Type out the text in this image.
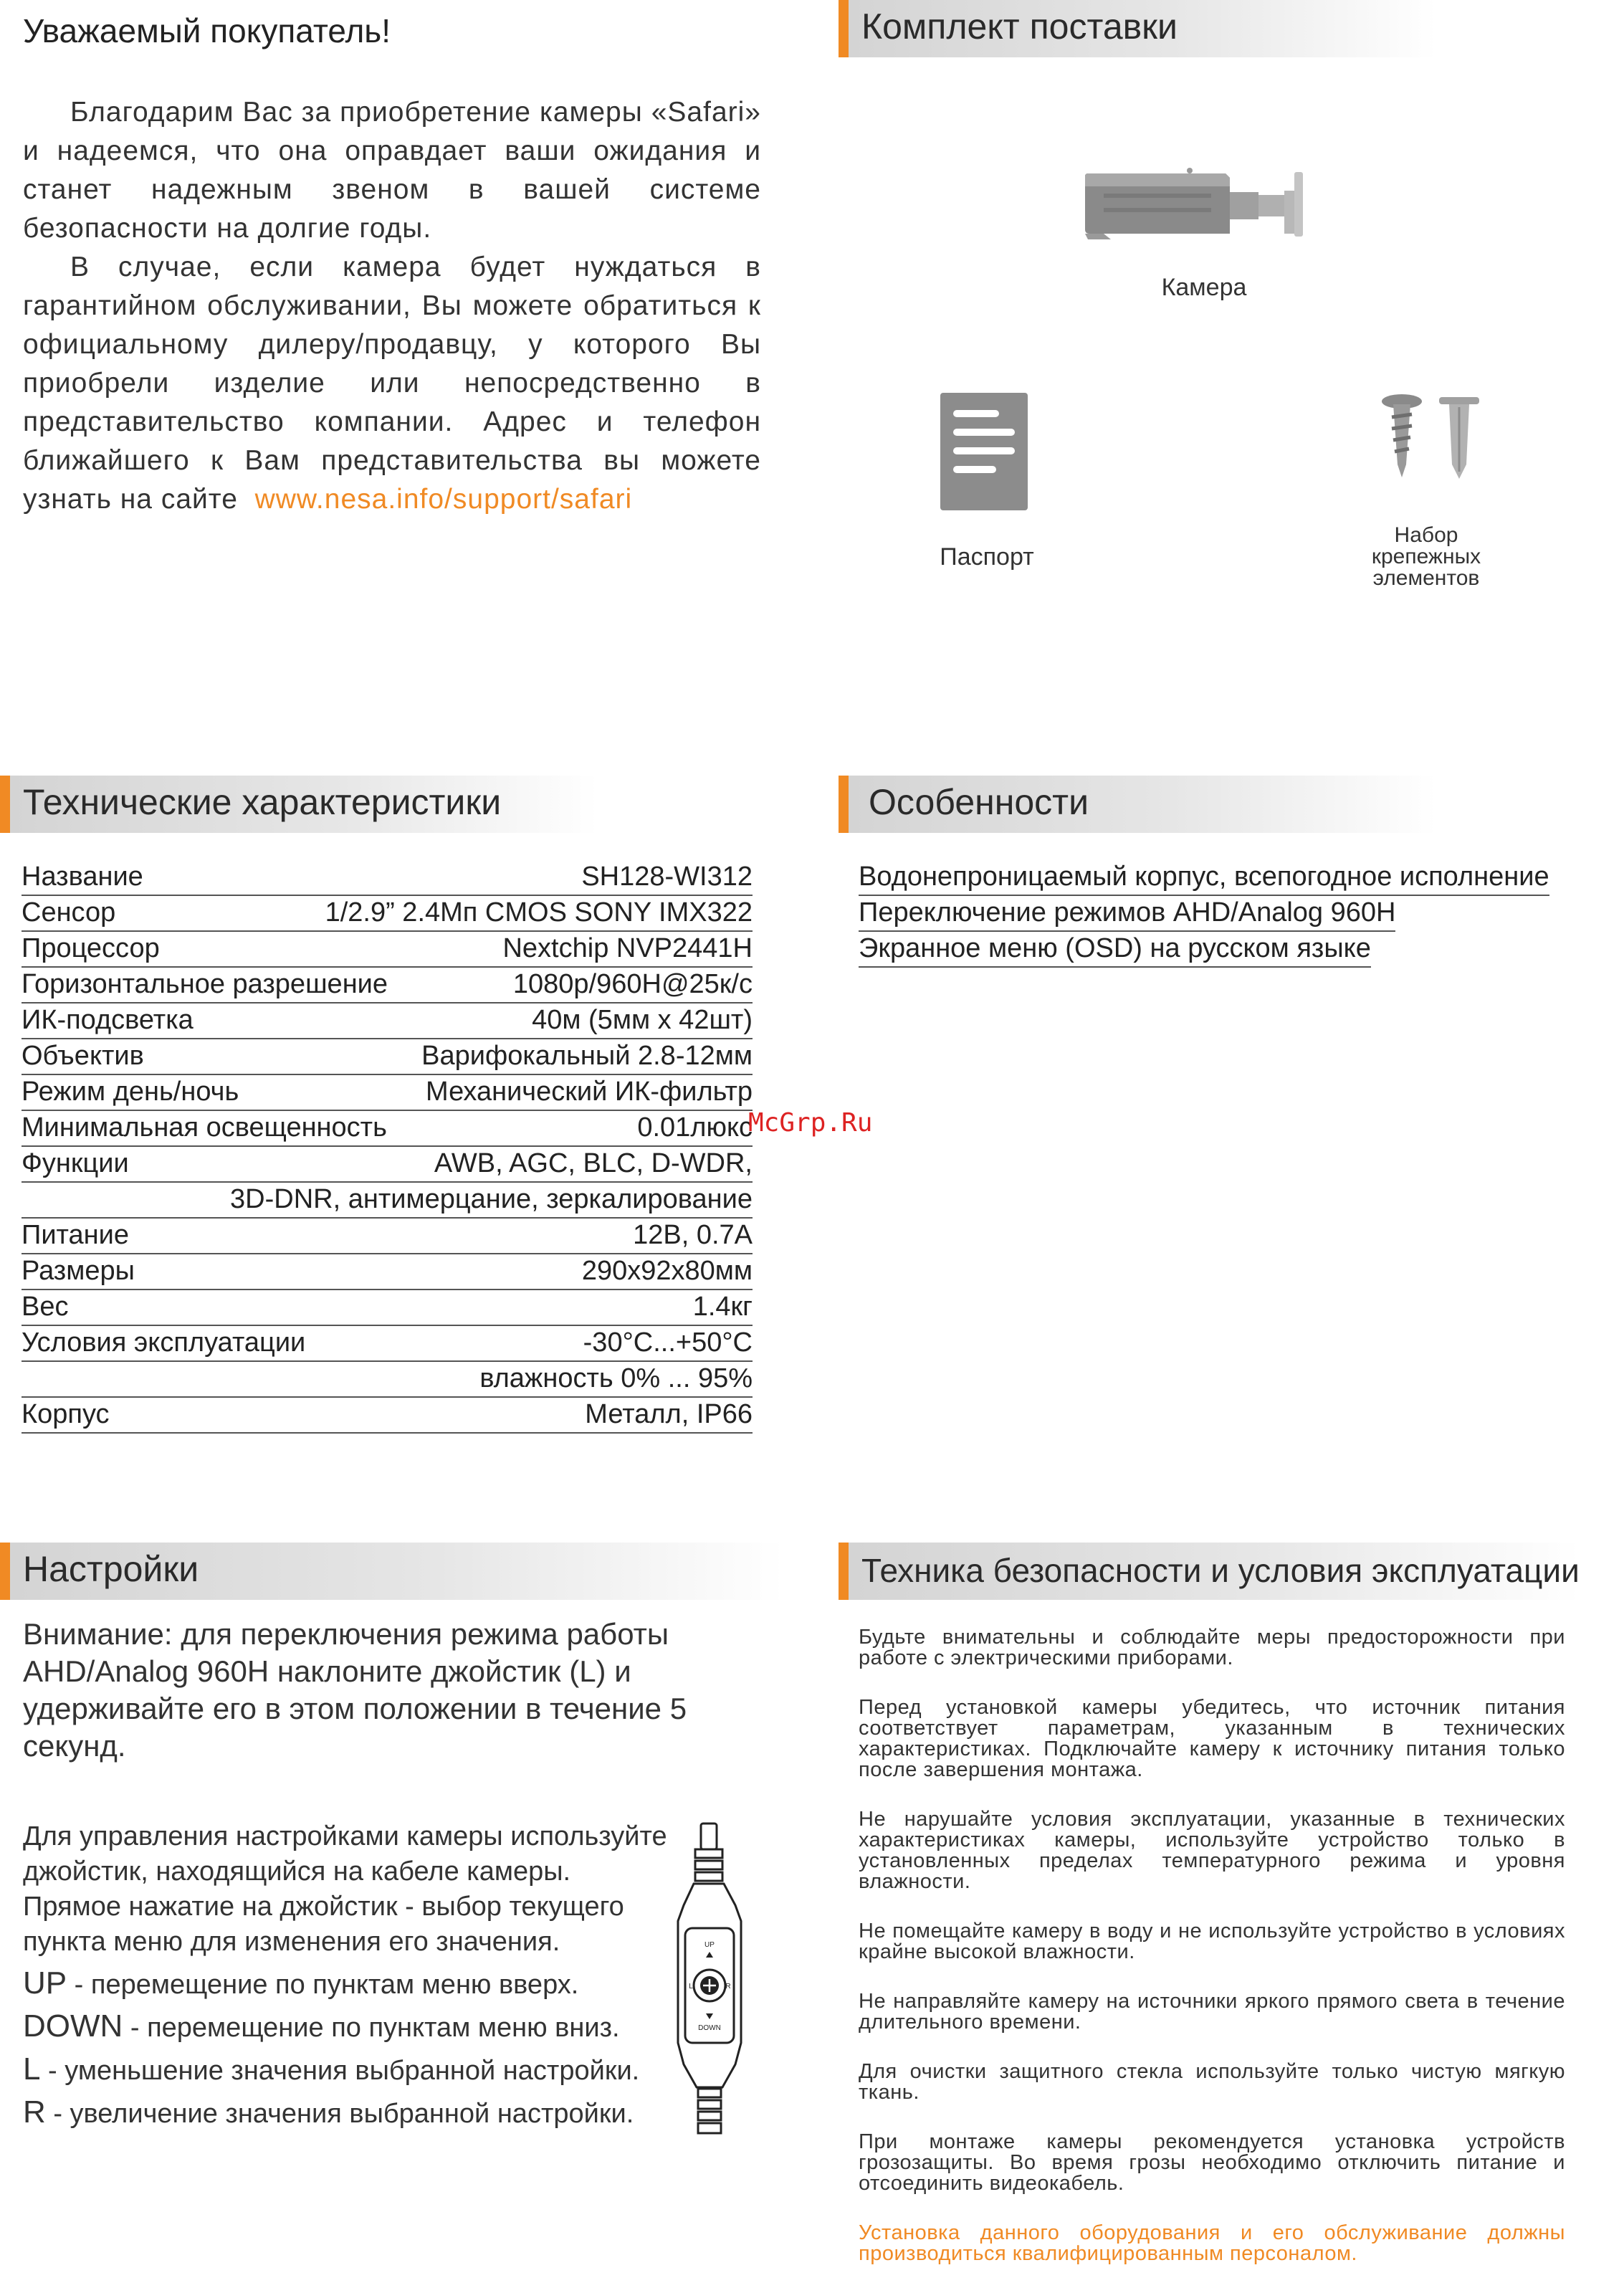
Уважаемый покупатель!

Благодарим Вас за приобретение камеры «Safari» и надеемся, что она оправдает ваши ожидания и станет надежным звеном в вашей системе безопасности на долгие годы.

В случае, если камера будет нуждаться в гарантийном обслуживании, Вы можете обратиться к официальному дилеру/продавцу, у которого Вы приобрели изделие или непосредственно в представительство компании. Адрес и телефон ближайшего к Вам представительства вы можете узнать на сайте www.nesa.info/support/safari

Комплект поставки
Камера
Паспорт
Набор
крепежных
элементов
Технические характеристики
Название	SH128-WI312
Сенсор	1/2.9” 2.4Мп CMOS SONY IMX322
Процессор	Nextchip NVP2441H
Горизонтальное разрешение	1080p/960H@25к/с
ИК-подсветка	40м (5мм х 42шт)
Объектив	Варифокальный 2.8-12мм
Режим день/ночь	Механический ИК-фильтр
Минимальная освещенность	0.01люкс
Функции	AWB, AGC, BLC, D-WDR,
3D-DNR, антимерцание, зеркалирование
Питание	12В, 0.7А
Размеры	290x92x80мм
Вес	1.4кг
Условия эксплуатации	-30°C...+50°C
влажность 0% ... 95%
Корпус	Металл, IP66
Особенности
Водонепроницаемый корпус, всепогодное исполнение
Переключение режимов AHD/Analog 960H
Экранное меню (OSD) на русском языке
McGrp.Ru
Настройки
Внимание: для переключения режима работы AHD/Analog 960H наклоните джойстик (L) и удерживайте его в этом положении в течение 5 секунд.
Для управления настройками камеры используйте
джойстик, находящийся на кабеле камеры.
Прямое нажатие на джойстик - выбор текущего
пункта меню для изменения его значения.
UP - перемещение по пунктам меню вверх.
DOWN - перемещение по пунктам меню вниз.
L - уменьшение значения выбранной настройки.
R - увеличение значения выбранной настройки.
UP
DOWN
L	R
Техника безопасности и условия эксплуатации

Будьте внимательны и соблюдайте меры предосторожности при работе с электрическими приборами.

Перед установкой камеры убедитесь, что источник питания соответствует параметрам, указанным в технических характеристиках. Подключайте камеру к источнику питания только после завершения монтажа.

Не нарушайте условия эксплуатации, указанные в технических характеристиках камеры, используйте устройство только в установленных пределах температурного режима и уровня влажности.

Не помещайте камеру в воду и не используйте устройство в условиях крайне высокой влажности.

Не направляйте камеру на источники яркого прямого света в течение длительного времени.

Для очистки защитного стекла используйте только чистую мягкую ткань.

При монтаже камеры рекомендуется установка устройств грозозащиты. Во время грозы необходимо отключить питание и отсоединить видеокабель.

Установка данного оборудования и его обслуживание должны производиться квалифицированным персоналом.
